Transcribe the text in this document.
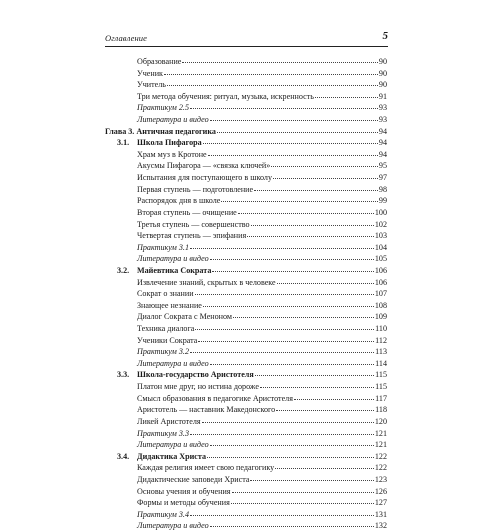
Оглавление	5
Образование	90
Ученик	90
Учитель	90
Три метода обучения: ритуал, музыка, искренность	91
Практикум 2.5	93
Литература и видео	93
Глава 3. Античная педагогика	94
3.1. Школа Пифагора	94
Храм муз в Кротоне	94
Акусмы Пифагора — «связка ключей»	95
Испытания для поступающего в школу	97
Первая ступень — подготовление	98
Распорядок дня в школе	99
Вторая ступень — очищение	100
Третья ступень — совершенство	102
Четвертая ступень — эпифания	103
Практикум 3.1	104
Литература и видео	105
3.2. Майевтика Сократа	106
Извлечение знаний, скрытых в человеке	106
Сократ о знании	107
Знающее незнание	108
Диалог Сократа с Меноном	109
Техника диалога	110
Ученики Сократа	112
Практикум 3.2	113
Литература и видео	114
3.3. Школа-государство Аристотеля	115
Платон мне друг, но истина дороже	115
Смысл образования в педагогике Аристотеля	117
Аристотель — наставник Македонского	118
Ликей Аристотеля	120
Практикум 3.3	121
Литература и видео	121
3.4. Дидактика Христа	122
Каждая религия имеет свою педагогику	122
Дидактические заповеди Христа	123
Основы учения и обучения	126
Формы и методы обучения	127
Практикум 3.4	131
Литература и видео	132
